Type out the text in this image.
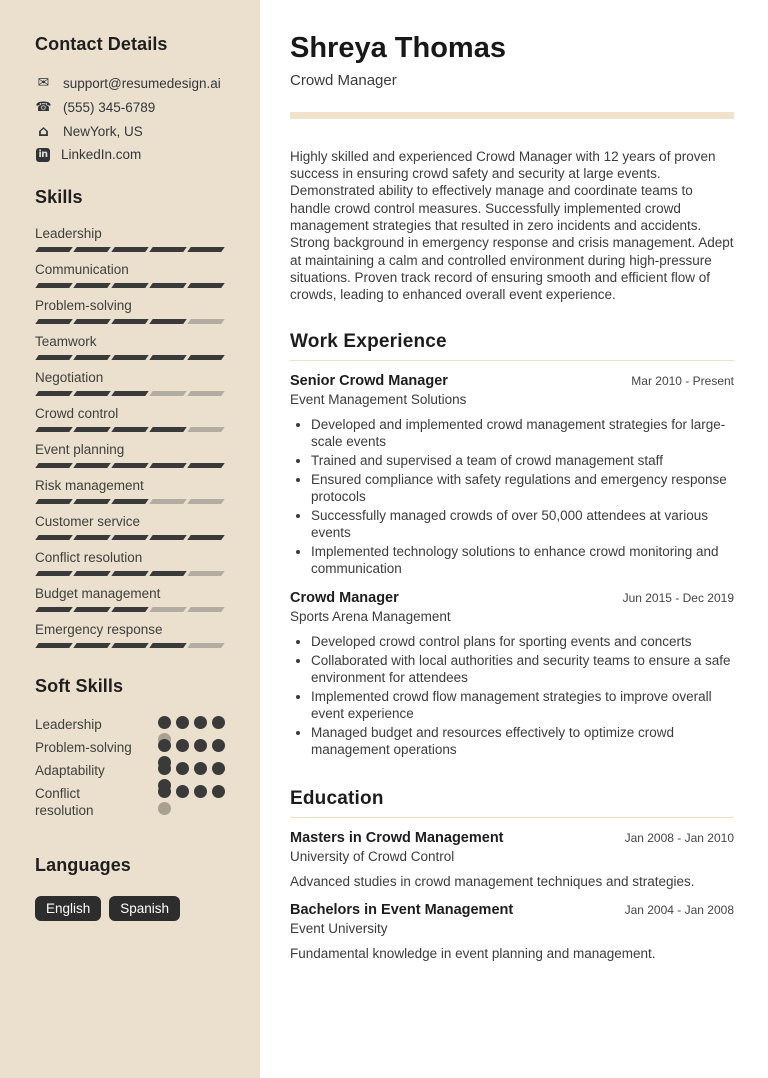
Contact Details
✉
support@resumedesign.ai
☎
(555) 345-6789
⌂
NewYork, US
in
LinkedIn.com
Skills
Leadership
Communication
Problem-solving
Teamwork
Negotiation
Crowd control
Event planning
Risk management
Customer service
Conflict resolution
Budget management
Emergency response
Soft Skills
Leadership
Problem-solving
Adaptability
Conflict resolution
Languages
English Spanish
Shreya Thomas
Crowd Manager

Highly skilled and experienced Crowd Manager with 12 years of proven success in ensuring crowd safety and security at large events. Demonstrated ability to effectively manage and coordinate teams to handle crowd control measures. Successfully implemented crowd management strategies that resulted in zero incidents and accidents. Strong background in emergency response and crisis management. Adept at maintaining a calm and controlled environment during high-pressure situations. Proven track record of ensuring smooth and efficient flow of crowds, leading to enhanced overall event experience.

Work Experience
Senior Crowd Manager	Mar 2010 - Present
Event Management Solutions
• Developed and implemented crowd management strategies for large-scale events
• Trained and supervised a team of crowd management staff
• Ensured compliance with safety regulations and emergency response protocols
• Successfully managed crowds of over 50,000 attendees at various events
• Implemented technology solutions to enhance crowd monitoring and communication
Crowd Manager	Jun 2015 - Dec 2019
Sports Arena Management
• Developed crowd control plans for sporting events and concerts
• Collaborated with local authorities and security teams to ensure a safe environment for attendees
• Implemented crowd flow management strategies to improve overall event experience
• Managed budget and resources effectively to optimize crowd management operations
Education
Masters in Crowd Management	Jan 2008 - Jan 2010
University of Crowd Control
Advanced studies in crowd management techniques and strategies.
Bachelors in Event Management	Jan 2004 - Jan 2008
Event University
Fundamental knowledge in event planning and management.
